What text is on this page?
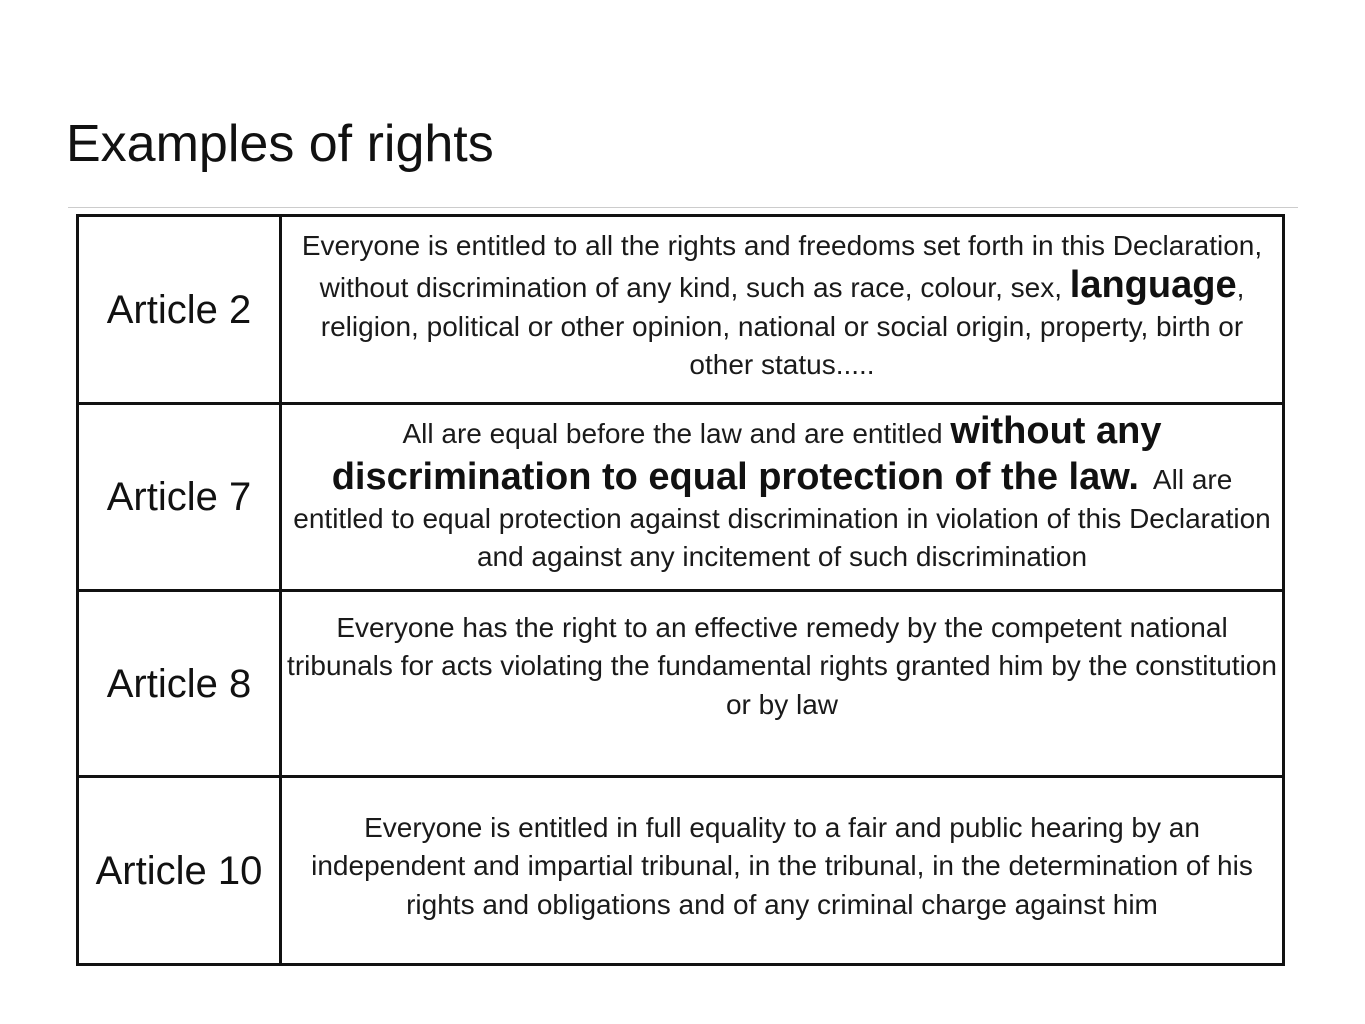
Examples of rights
Article 2	Everyone is entitled to all the rights and freedoms set forth in this Declaration, without discrimination of any kind, such as race, colour, sex, language, religion, political or other opinion, national or social origin, property, birth or other status.....

Article 7	All are equal before the law and are entitled without any discrimination to equal protection of the law.  All are entitled to equal protection against discrimination in violation of this Declaration and against any incitement of such discrimination

Article 8	Everyone has the right to an effective remedy by the competent national tribunals for acts violating the fundamental rights granted him by the constitution or by law

Article 10	Everyone is entitled in full equality to a fair and public hearing by an independent and impartial tribunal, in the tribunal, in the determination of his rights and obligations and of any criminal charge against him
